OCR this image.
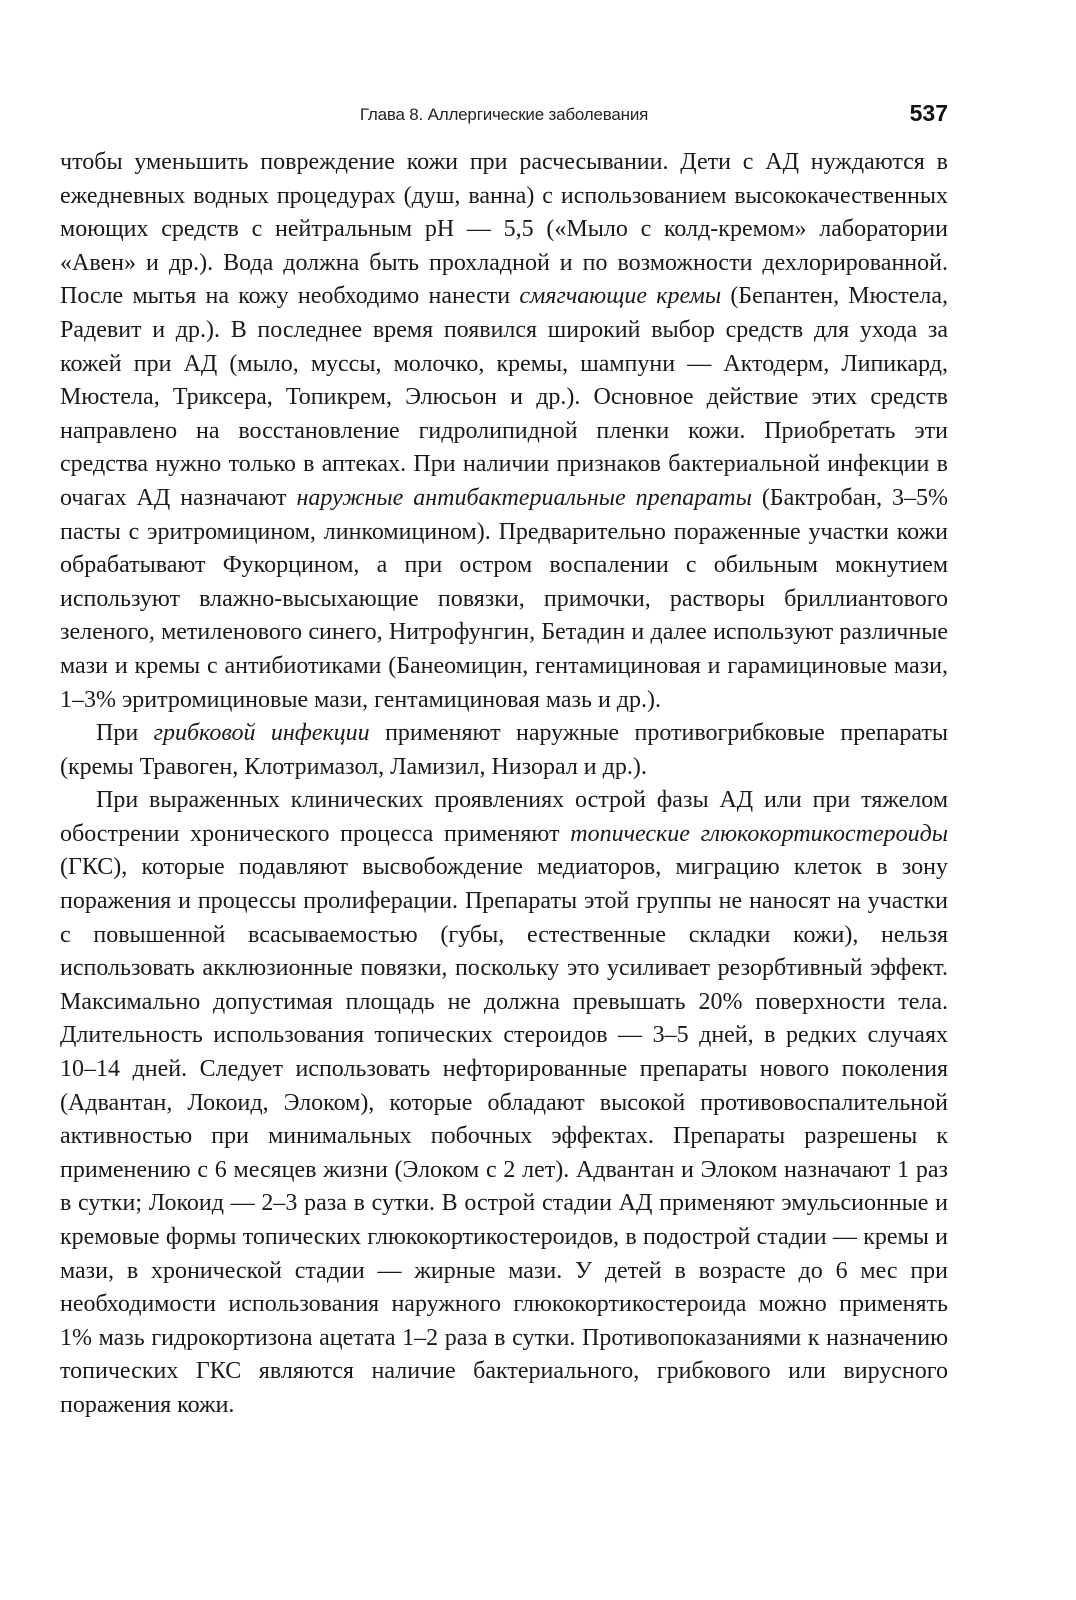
Глава 8. Аллергические заболевания	537

чтобы уменьшить повреждение кожи при расчесывании. Дети с АД нуждаются в ежедневных водных процедурах (душ, ванна) с использованием высококачественных моющих средств с нейтральным pH — 5,5 («Мыло с колд-кремом» лаборатории «Авен» и др.). Вода должна быть прохладной и по возможности дехлорированной. После мытья на кожу необходимо нанести смягчающие кремы (Бепантен, Мюстела, Радевит и др.). В последнее время появился широкий выбор средств для ухода за кожей при АД (мыло, муссы, молочко, кремы, шампуни — Актодерм, Липикард, Мюстела, Триксера, Топикрем, Элюсьон и др.). Основное действие этих средств направлено на восстановление гидролипидной пленки кожи. Приобретать эти средства нужно только в аптеках. При наличии признаков бактериальной инфекции в очагах АД назначают наружные антибактериальные препараты (Бактробан, 3–5% пасты с эритромицином, линкомицином). Предварительно пораженные участки кожи обрабатывают Фукорцином, а при остром воспалении с обильным мокнутием используют влажно-высыхающие повязки, примочки, растворы бриллиантового зеленого, метиленового синего, Нитрофунгин, Бетадин и далее используют различные мази и кремы с антибиотиками (Банеомицин, гентамициновая и гарамициновые мази, 1–3% эритромициновые мази, гентамициновая мазь и др.).

При грибковой инфекции применяют наружные противогрибковые препараты (кремы Травоген, Клотримазол, Ламизил, Низорал и др.).

При выраженных клинических проявлениях острой фазы АД или при тяжелом обострении хронического процесса применяют топические глюкокортикостероиды (ГКС), которые подавляют высвобождение медиаторов, миграцию клеток в зону поражения и процессы пролиферации. Препараты этой группы не наносят на участки с повышенной всасываемостью (губы, естественные складки кожи), нельзя использовать акклюзионные повязки, поскольку это усиливает резорбтивный эффект. Максимально допустимая площадь не должна превышать 20% поверхности тела. Длительность использования топических стероидов — 3–5 дней, в редких случаях 10–14 дней. Следует использовать нефторированные препараты нового поколения (Адвантан, Локоид, Элоком), которые обладают высокой противовоспалительной активностью при минимальных побочных эффектах. Препараты разрешены к применению с 6 месяцев жизни (Элоком с 2 лет). Адвантан и Элоком назначают 1 раз в сутки; Локоид — 2–3 раза в сутки. В острой стадии АД применяют эмульсионные и кремовые формы топических глюкокортикостероидов, в подострой стадии — кремы и мази, в хронической стадии — жирные мази. У детей в возрасте до 6 мес при необходимости использования наружного глюкокортикостероида можно применять 1% мазь гидрокортизона ацетата 1–2 раза в сутки. Противопоказаниями к назначению топических ГКС являются наличие бактериального, грибкового или вирусного поражения кожи.
